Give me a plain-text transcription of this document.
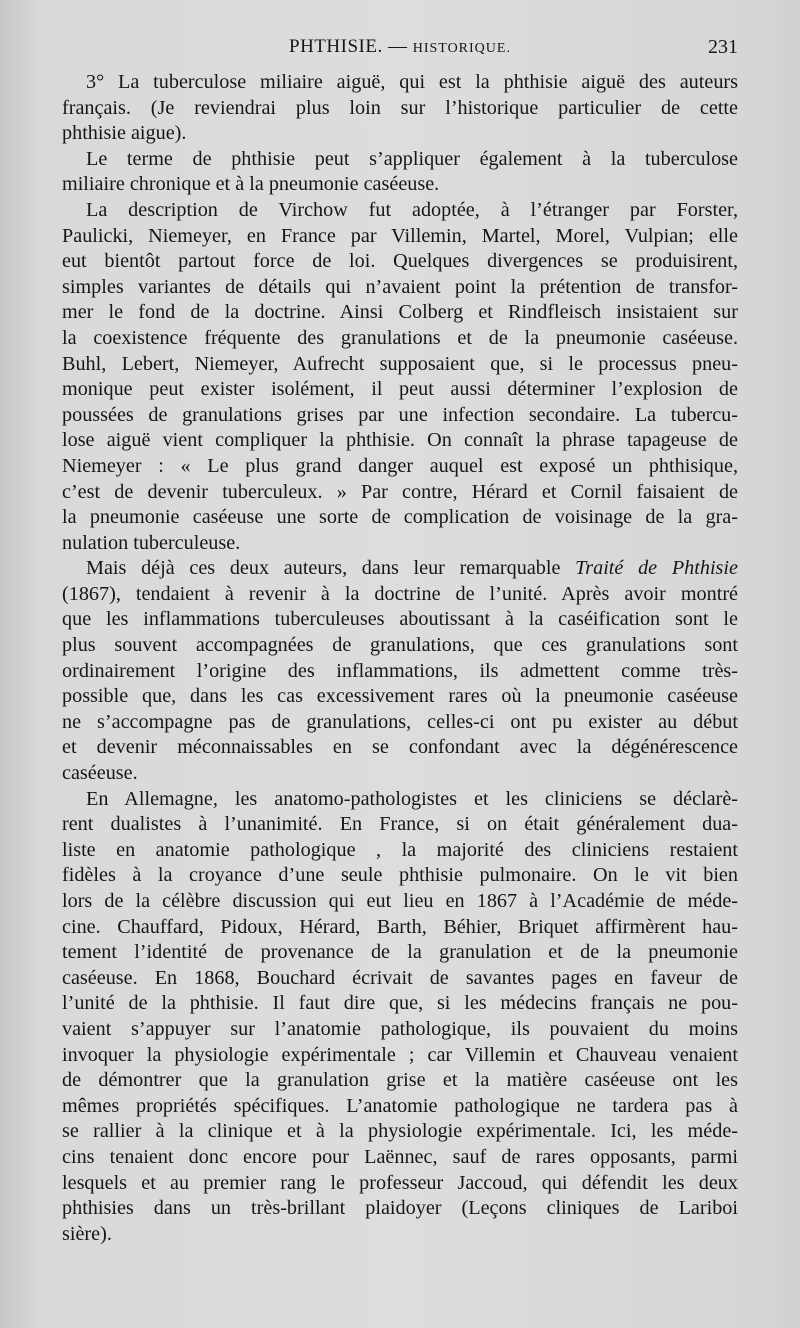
PHTHISIE. — HISTORIQUE.	231
3° La tuberculose miliaire aiguë, qui est la phthisie aiguë des auteurs
français. (Je reviendrai plus loin sur l’historique particulier de cette
phthisie aigue).
Le terme de phthisie peut s’appliquer également à la tuberculose
miliaire chronique et à la pneumonie caséeuse.
La description de Virchow fut adoptée, à l’étranger par Forster,
Paulicki, Niemeyer, en France par Villemin, Martel, Morel, Vulpian; elle
eut bientôt partout force de loi. Quelques divergences se produisirent,
simples variantes de détails qui n’avaient point la prétention de transfor-
mer le fond de la doctrine. Ainsi Colberg et Rindfleisch insistaient sur
la coexistence fréquente des granulations et de la pneumonie caséeuse.
Buhl, Lebert, Niemeyer, Aufrecht supposaient que, si le processus pneu-
monique peut exister isolément, il peut aussi déterminer l’explosion de
poussées de granulations grises par une infection secondaire. La tubercu-
lose aiguë vient compliquer la phthisie. On connaît la phrase tapageuse de
Niemeyer : « Le plus grand danger auquel est exposé un phthisique,
c’est de devenir tuberculeux. » Par contre, Hérard et Cornil faisaient de
la pneumonie caséeuse une sorte de complication de voisinage de la gra-
nulation tuberculeuse.
Mais déjà ces deux auteurs, dans leur remarquable Traité de Phthisie
(1867), tendaient à revenir à la doctrine de l’unité. Après avoir montré
que les inflammations tuberculeuses aboutissant à la caséification sont le
plus souvent accompagnées de granulations, que ces granulations sont
ordinairement l’origine des inflammations, ils admettent comme très-
possible que, dans les cas excessivement rares où la pneumonie caséeuse
ne s’accompagne pas de granulations, celles-ci ont pu exister au début
et devenir méconnaissables en se confondant avec la dégénérescence
caséeuse.
En Allemagne, les anatomo-pathologistes et les cliniciens se déclarè-
rent dualistes à l’unanimité. En France, si on était généralement dua-
liste en anatomie pathologique , la majorité des cliniciens restaient
fidèles à la croyance d’une seule phthisie pulmonaire. On le vit bien
lors de la célèbre discussion qui eut lieu en 1867 à l’Académie de méde-
cine. Chauffard, Pidoux, Hérard, Barth, Béhier, Briquet affirmèrent hau-
tement l’identité de provenance de la granulation et de la pneumonie
caséeuse. En 1868, Bouchard écrivait de savantes pages en faveur de
l’unité de la phthisie. Il faut dire que, si les médecins français ne pou-
vaient s’appuyer sur l’anatomie pathologique, ils pouvaient du moins
invoquer la physiologie expérimentale ; car Villemin et Chauveau venaient
de démontrer que la granulation grise et la matière caséeuse ont les
mêmes propriétés spécifiques. L’anatomie pathologique ne tardera pas à
se rallier à la clinique et à la physiologie expérimentale. Ici, les méde-
cins tenaient donc encore pour Laënnec, sauf de rares opposants, parmi
lesquels et au premier rang le professeur Jaccoud, qui défendit les deux
phthisies dans un très-brillant plaidoyer (Leçons cliniques de Lariboi
sière).
